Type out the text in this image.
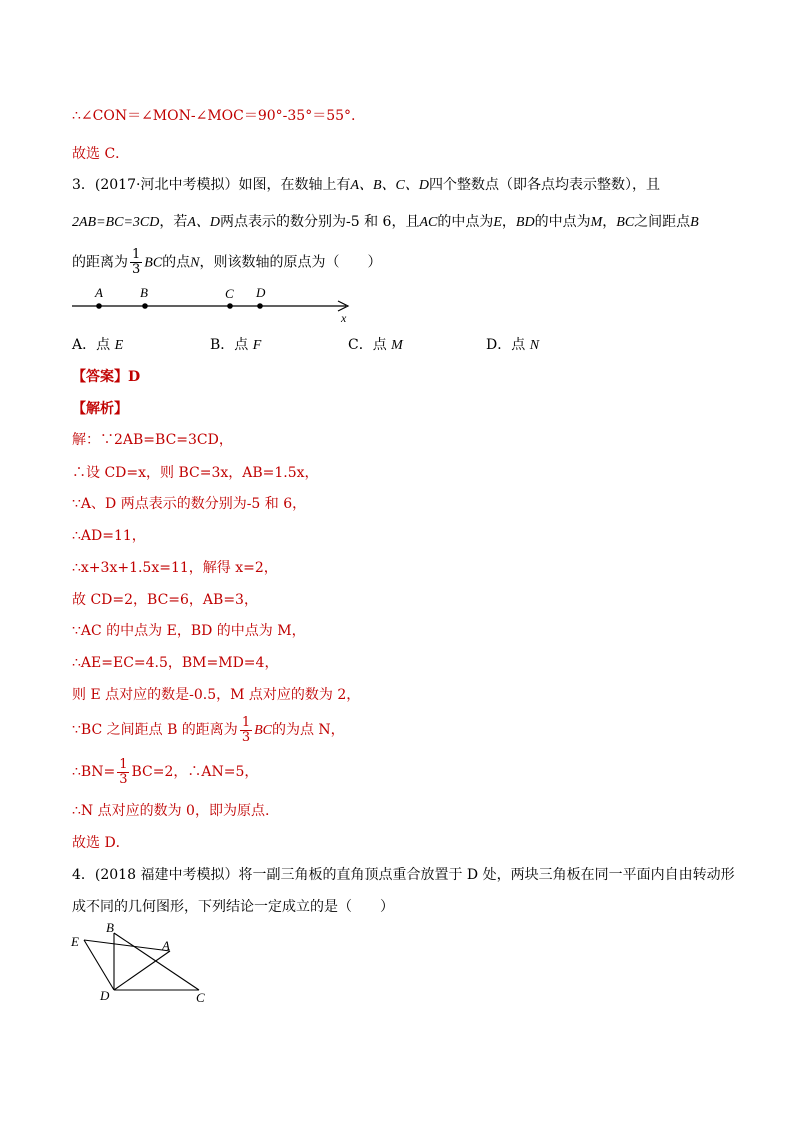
∴∠CON＝∠MON-∠MOC＝90°-35°＝55°.
故选 C．
3．(2017·河北中考模拟）如图，在数轴上有A、B、C、D四个整数点（即各点均表示整数），且
2AB=BC=3CD，若A、D两点表示的数分别为-5 和 6，且AC的中点为E，BD的中点为M，BC之间距点B
的距离为 $\frac{1}{3}$ BC的点N，则该数轴的原点为（　　）
A	B	C D
x
A．点 E	B．点 F	C．点 M	D．点 N
【答案】D
【解析】
解：∵2AB=BC=3CD，
∴设 CD=x，则 BC=3x，AB=1.5x，
∵A、D 两点表示的数分别为-5 和 6，
∴AD=11，
∴x+3x+1.5x=11，解得 x=2，
故 CD=2，BC=6，AB=3，
∵AC 的中点为 E，BD 的中点为 M，
∴AE=EC=4.5，BM=MD=4，
则 E 点对应的数是-0.5，M 点对应的数为 2，
∵BC 之间距点 B 的距离为 $\frac{1}{3}$ BC的为点 N，
∴BN= $\frac{1}{3} BC=2$，∴AN=5，
∴N 点对应的数为 0，即为原点.
故选 D．
4．(2018 福建中考模拟）将一副三角板的直角顶点重合放置于 D 处，两块三角板在同一平面内自由转动形
成不同的几何图形，下列结论一定成立的是（　　）
E
B
A
D	C
